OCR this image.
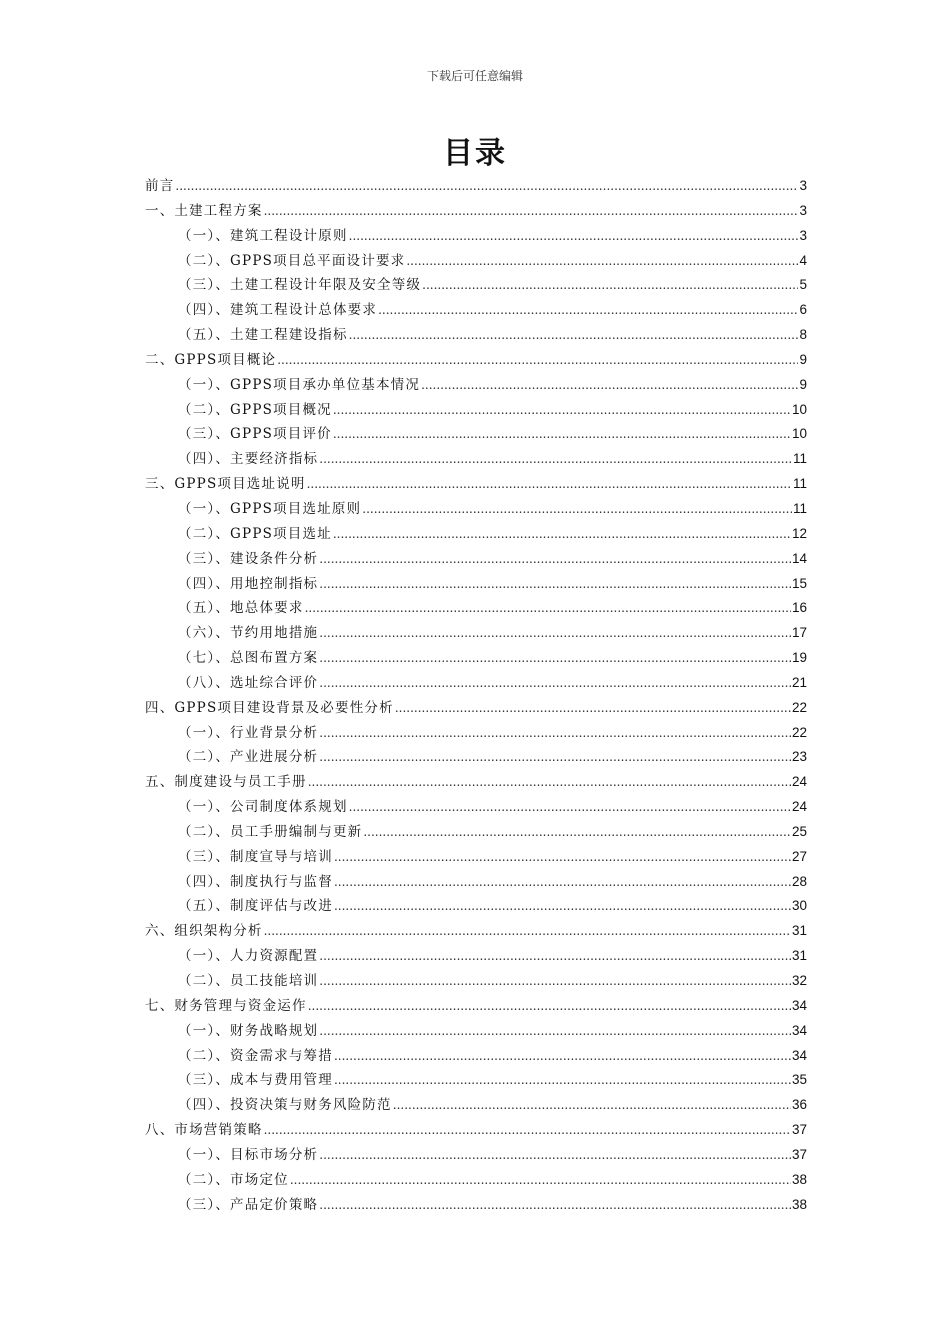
下载后可任意编辑
目录
前言 .....	3
一、土建工程方案 .....	3
（一）、建筑工程设计原则 .....	3
（二）、GPPS项目总平面设计要求 .....	4
（三）、土建工程设计年限及安全等级 .....	5
（四）、建筑工程设计总体要求 .....	6
（五）、土建工程建设指标 .....	8
二、GPPS项目概论 .....	9
（一）、GPPS项目承办单位基本情况 .....	9
（二）、GPPS项目概况 .....	10
（三）、GPPS项目评价 .....	10
（四）、主要经济指标 .....	11
三、GPPS项目选址说明 .....	11
（一）、GPPS项目选址原则 .....	11
（二）、GPPS项目选址 .....	12
（三）、建设条件分析 .....	14
（四）、用地控制指标 .....	15
（五）、地总体要求 .....	16
（六）、节约用地措施 .....	17
（七）、总图布置方案 .....	19
（八）、选址综合评价 .....	21
四、GPPS项目建设背景及必要性分析 .....	22
（一）、行业背景分析 .....	22
（二）、产业进展分析 .....	23
五、制度建设与员工手册 .....	24
（一）、公司制度体系规划 .....	24
（二）、员工手册编制与更新 .....	25
（三）、制度宣导与培训 .....	27
（四）、制度执行与监督 .....	28
（五）、制度评估与改进 .....	30
六、组织架构分析 .....	31
（一）、人力资源配置 .....	31
（二）、员工技能培训 .....	32
七、财务管理与资金运作 .....	34
（一）、财务战略规划 .....	34
（二）、资金需求与筹措 .....	34
（三）、成本与费用管理 .....	35
（四）、投资决策与财务风险防范 .....	36
八、市场营销策略 .....	37
（一）、目标市场分析 .....	37
（二）、市场定位 .....	38
（三）、产品定价策略 .....	38
